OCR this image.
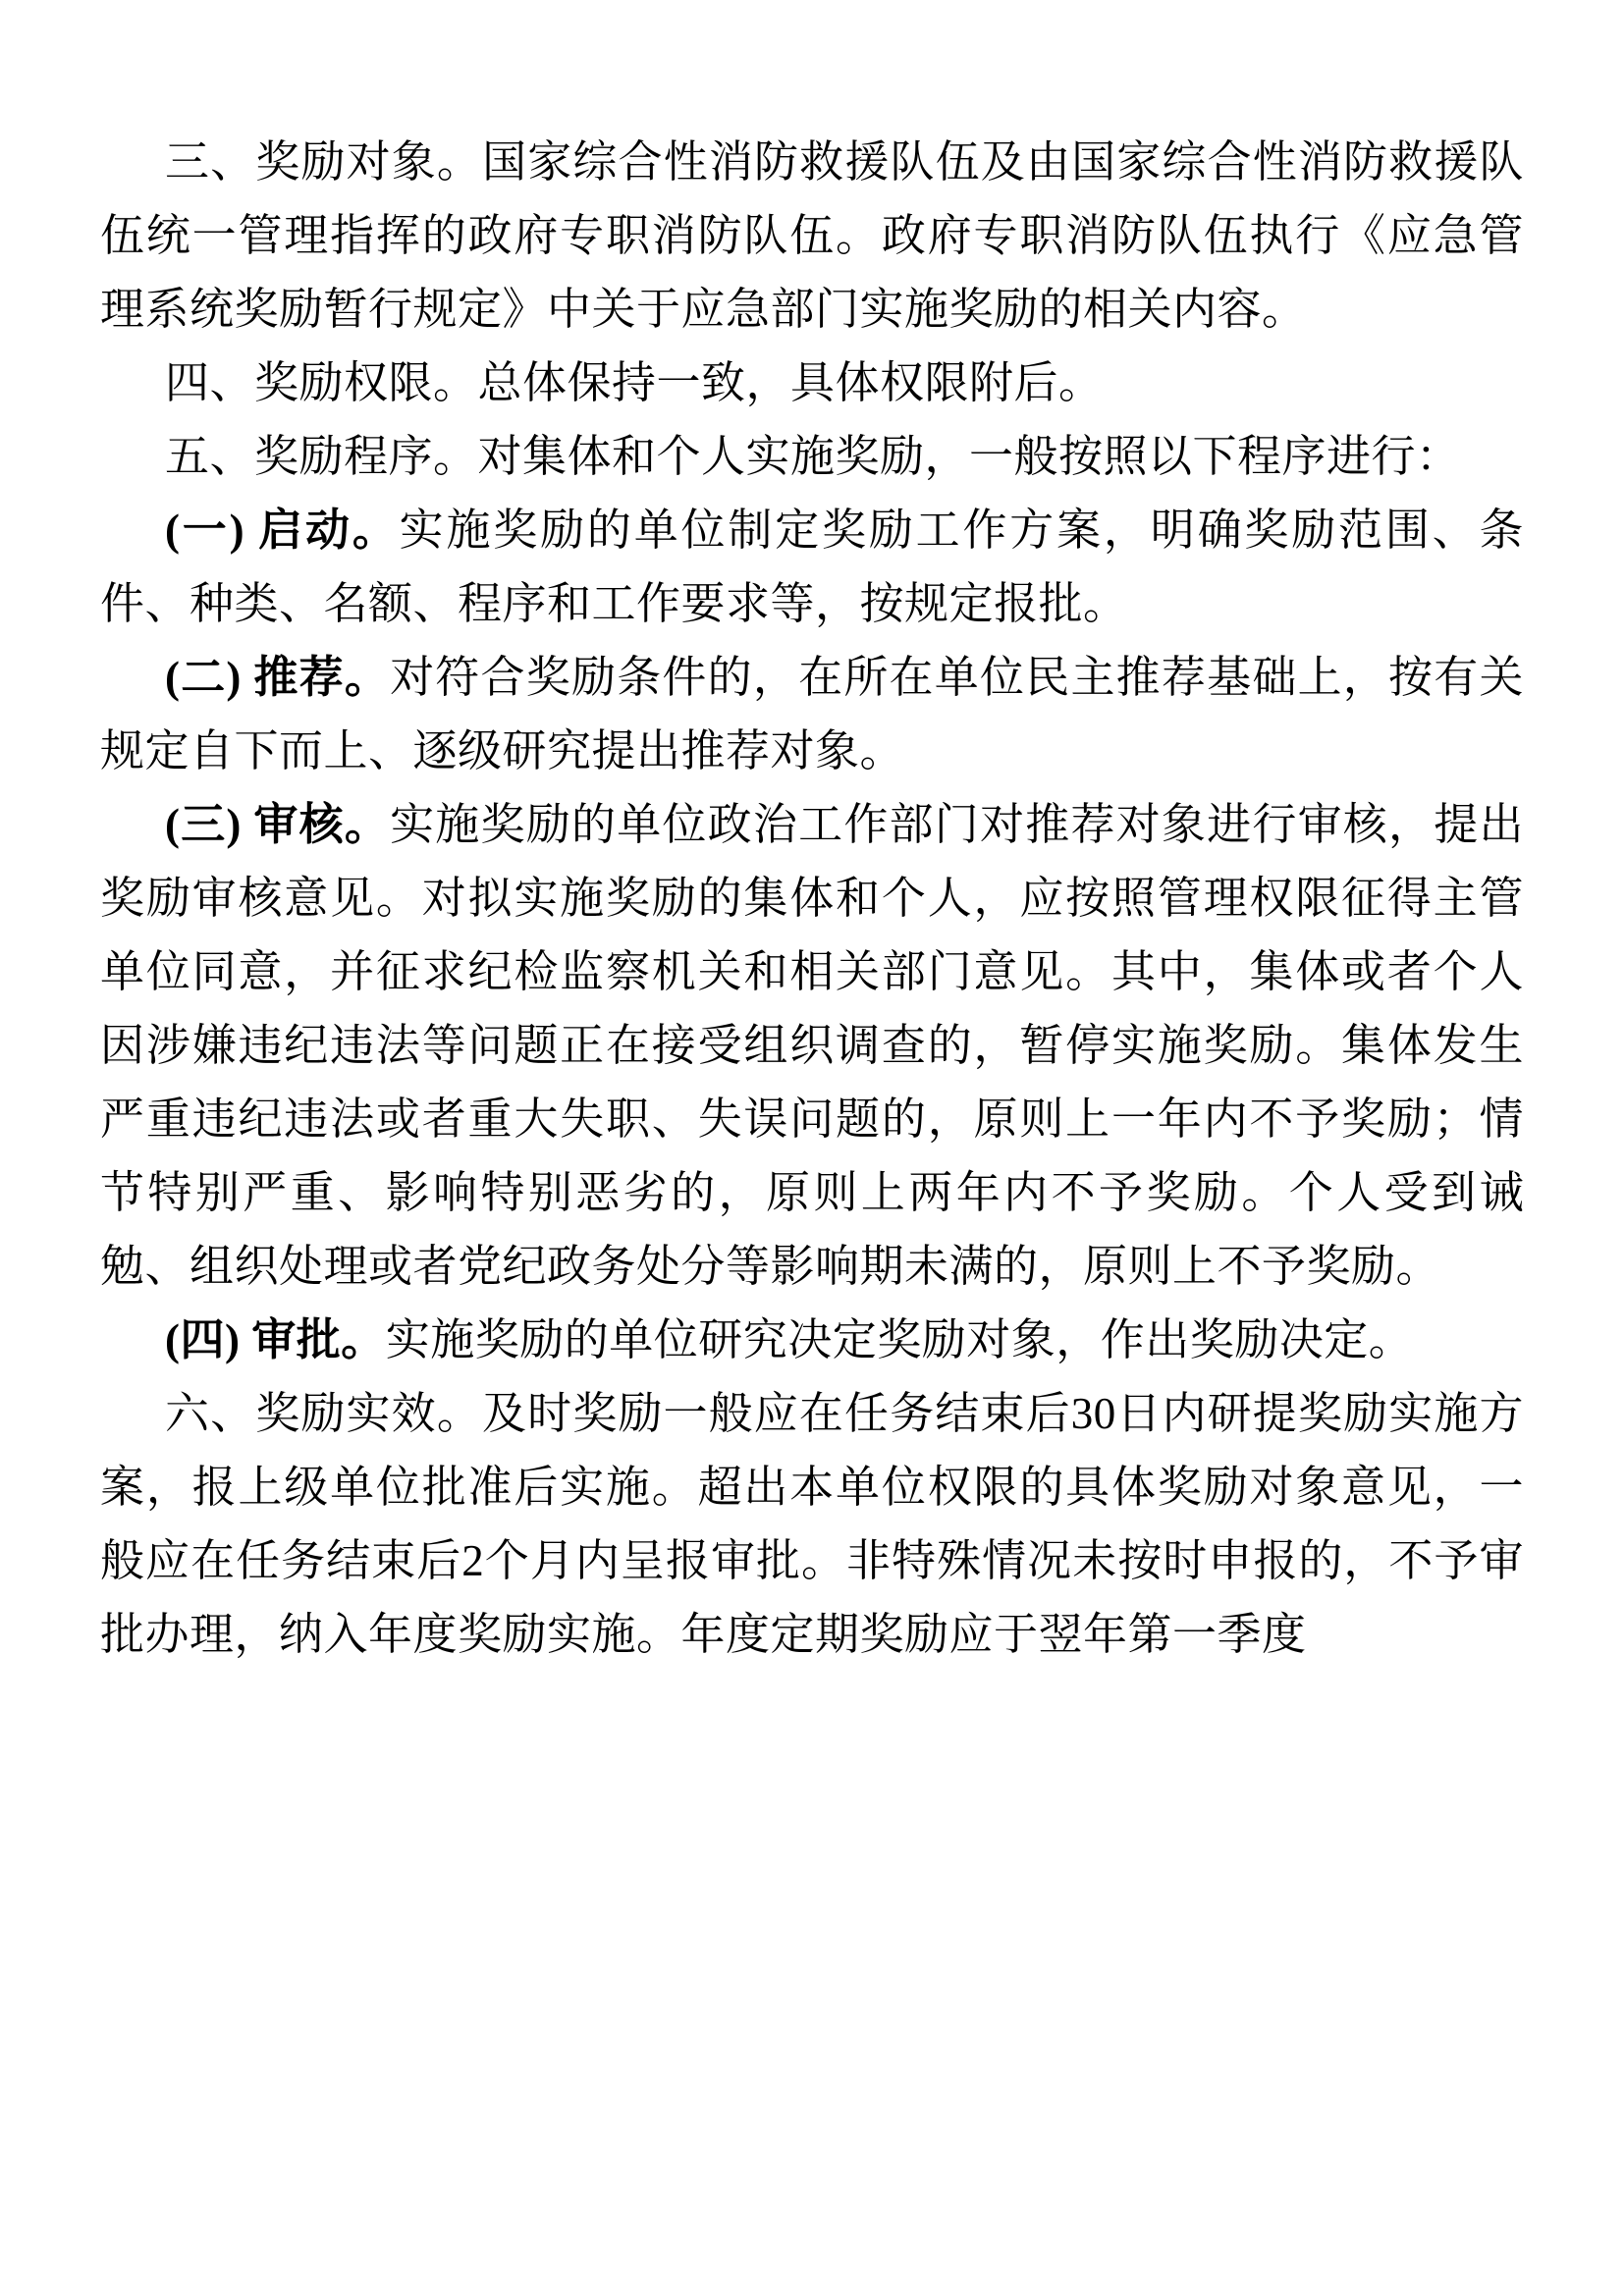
三、奖励对象。国家综合性消防救援队伍及由国家综合性消防救援队伍统一管理指挥的政府专职消防队伍。政府专职消防队伍执行《应急管理系统奖励暂行规定》中关于应急部门实施奖励的相关内容。

四、奖励权限。总体保持一致，具体权限附后。

五、奖励程序。对集体和个人实施奖励，一般按照以下程序进行：

(一) 启动。实施奖励的单位制定奖励工作方案，明确奖励范围、条件、种类、名额、程序和工作要求等，按规定报批。

(二) 推荐。对符合奖励条件的，在所在单位民主推荐基础上，按有关规定自下而上、逐级研究提出推荐对象。

(三) 审核。实施奖励的单位政治工作部门对推荐对象进行审核，提出奖励审核意见。对拟实施奖励的集体和个人，应按照管理权限征得主管单位同意，并征求纪检监察机关和相关部门意见。其中，集体或者个人因涉嫌违纪违法等问题正在接受组织调查的，暂停实施奖励。集体发生严重违纪违法或者重大失职、失误问题的，原则上一年内不予奖励；情节特别严重、影响特别恶劣的，原则上两年内不予奖励。个人受到诫勉、组织处理或者党纪政务处分等影响期未满的，原则上不予奖励。

(四) 审批。实施奖励的单位研究决定奖励对象，作出奖励决定。

六、奖励实效。及时奖励一般应在任务结束后30日内研提奖励实施方案，报上级单位批准后实施。超出本单位权限的具体奖励对象意见，一般应在任务结束后2个月内呈报审批。非特殊情况未按时申报的，不予审批办理，纳入年度奖励实施。年度定期奖励应于翌年第一季度
